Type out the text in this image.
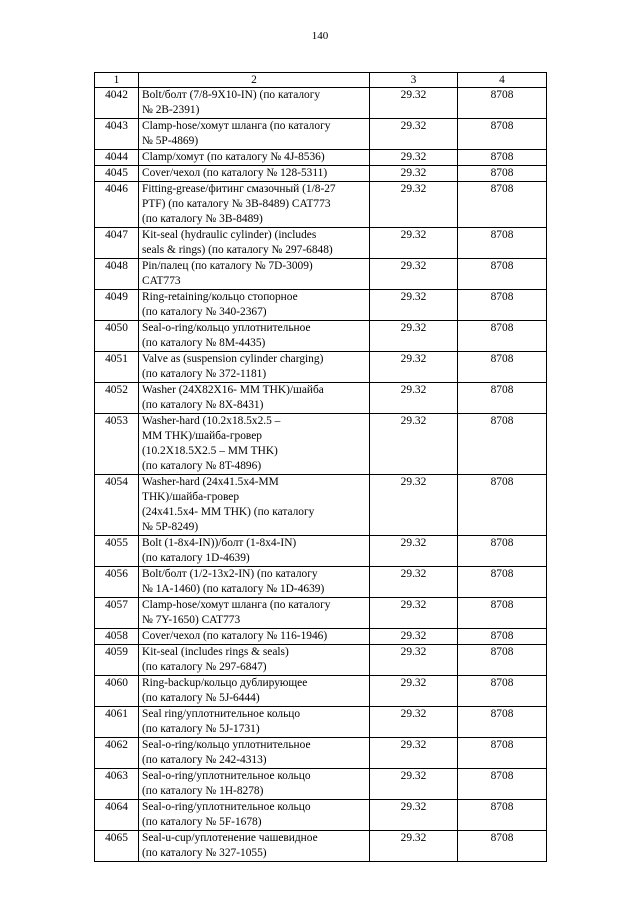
140
1	2	3	4
4042	Bolt/болт (7/8-9X10-IN) (по каталогу
№ 2B-2391)	29.32	8708
4043	Clamp-hose/хомут шланга (по каталогу
№ 5P-4869)	29.32	8708
4044	Clamp/хомут (по каталогу № 4J-8536)	29.32	8708
4045	Cover/чехол (по каталогу № 128-5311)	29.32	8708
4046	Fitting-grease/фитинг смазочный (1/8-27
PTF) (по каталогу № 3B-8489) CAT773
(по каталогу № 3B-8489)	29.32	8708
4047	Kit-seal (hydraulic cylinder) (includes
seals & rings) (по каталогу № 297-6848)	29.32	8708
4048	Pin/палец (по каталогу № 7D-3009)
CAT773	29.32	8708
4049	Ring-retaining/кольцо стопорное
(по каталогу № 340-2367)	29.32	8708
4050	Seal-o-ring/кольцо уплотнительное
(по каталогу № 8M-4435)	29.32	8708
4051	Valve as (suspension cylinder charging)
(по каталогу № 372-1181)	29.32	8708
4052	Washer (24X82X16- MM THK)/шайба
(по каталогу № 8X-8431)	29.32	8708
4053	Washer-hard (10.2x18.5x2.5 –
MM THK)/шайба-гровер
(10.2X18.5X2.5 – MM THK)
(по каталогу № 8T-4896)	29.32	8708
4054	Washer-hard (24x41.5x4-MM
THK)/шайба-гровер
(24x41.5x4- MM THK) (по каталогу
№ 5P-8249)	29.32	8708
4055	Bolt (1-8x4-IN))/болт (1-8x4-IN)
(по каталогу 1D-4639)	29.32	8708
4056	Bolt/болт (1/2-13x2-IN) (по каталогу
№ 1A-1460) (по каталогу № 1D-4639)	29.32	8708
4057	Clamp-hose/хомут шланга (по каталогу
№ 7Y-1650) CAT773	29.32	8708
4058	Cover/чехол (по каталогу № 116-1946)	29.32	8708
4059	Kit-seal (includes rings & seals)
(по каталогу № 297-6847)	29.32	8708
4060	Ring-backup/кольцо дублирующее
(по каталогу № 5J-6444)	29.32	8708
4061	Seal ring/уплотнительное кольцо
(по каталогу № 5J-1731)	29.32	8708
4062	Seal-o-ring/кольцо уплотнительное
(по каталогу № 242-4313)	29.32	8708
4063	Seal-o-ring/уплотнительное кольцо
(по каталогу № 1H-8278)	29.32	8708
4064	Seal-o-ring/уплотнительное кольцо
(по каталогу № 5F-1678)	29.32	8708
4065	Seal-u-cup/уплотенение чашевидное
(по каталогу № 327-1055)	29.32	8708
